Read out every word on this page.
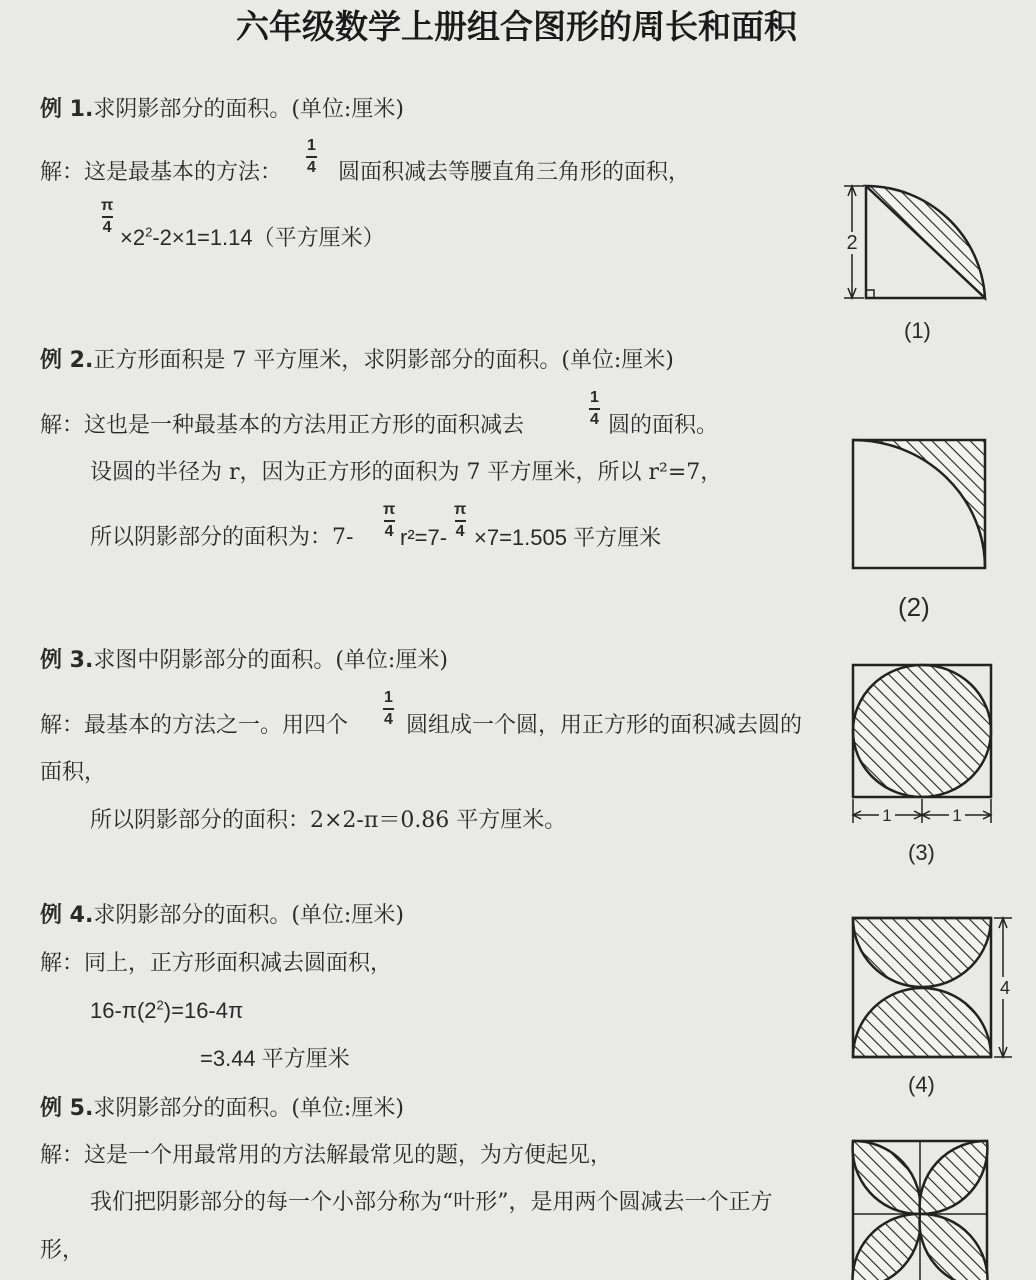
六年级数学上册组合图形的周长和面积
例 1.求阴影部分的面积。(单位:厘米)
解：这是最基本的方法： $\frac{1}{4}$ 圆面积减去等腰直角三角形的面积，
$\frac{\pi}{4}$
$\times 2^2-2\times 1=1.14$（平方厘米）	2
(1)
例 2.正方形面积是 7 平方厘米，求阴影部分的面积。(单位:厘米)
解：这也是一种最基本的方法用正方形的面积减去	$\frac{1}{4}$ 圆的面积。
设圆的半径为 r，因为正方形的面积为 7 平方厘米，所以 r²=7，
所以阴影部分的面积为：$7- \frac{\pi}{4} r^2=7- \frac{\pi}{4} \times 7=1.505$ 平方厘米
(2)
例 3.求图中阴影部分的面积。(单位:厘米)
解：最基本的方法之一。用四个 $\frac{1}{4}$ 圆组成一个圆，用正方形的面积减去圆的
面积，
所以阴影部分的面积：2×2-π＝0.86 平方厘米。	1	1
(3)
例 4.求阴影部分的面积。(单位:厘米)
解：同上，正方形面积减去圆面积，
$16-\pi(2^2)=16-4\pi$
=3.44 平方厘米
4
(4)
例 5.求阴影部分的面积。(单位:厘米)
解：这是一个用最常用的方法解最常见的题，为方便起见，
我们把阴影部分的每一个小部分称为“叶形”，是用两个圆减去一个正方
形，
